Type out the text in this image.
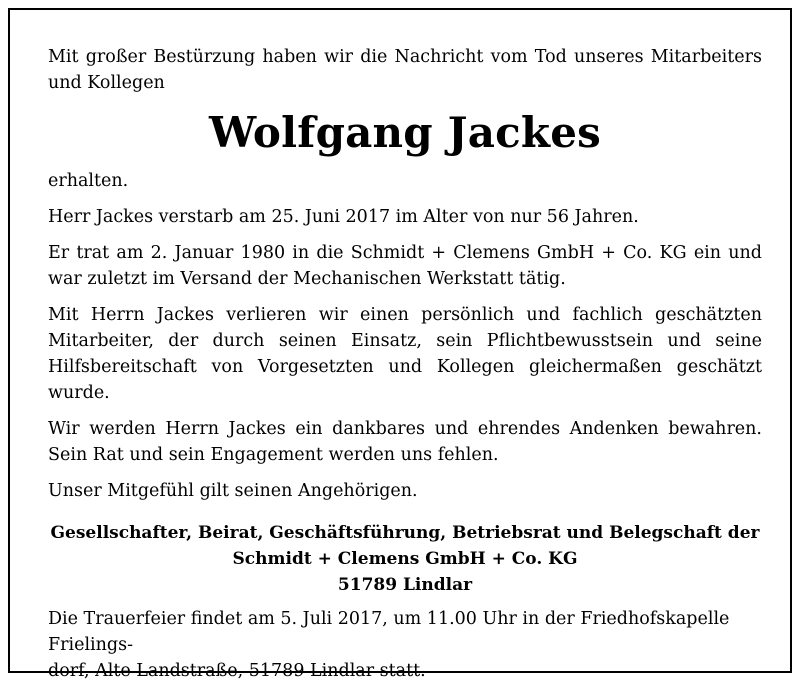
Mit großer Bestürzung haben wir die Nachricht vom Tod unseres Mitarbeiters und Kollegen

Wolfgang Jackes

erhalten.

Herr Jackes verstarb am 25. Juni 2017 im Alter von nur 56 Jahren.

Er trat am 2. Januar 1980 in die Schmidt + Clemens GmbH + Co. KG ein und war zuletzt im Versand der Mechanischen Werkstatt tätig.

Mit Herrn Jackes verlieren wir einen persönlich und fachlich geschätzten Mitarbeiter, der durch seinen Einsatz, sein Pflichtbewusstsein und seine Hilfsbereitschaft von Vorgesetzten und Kollegen gleichermaßen geschätzt wurde.

Wir werden Herrn Jackes ein dankbares und ehrendes Andenken bewahren. Sein Rat und sein Engagement werden uns fehlen.

Unser Mitgefühl gilt seinen Angehörigen.

Gesellschafter, Beirat, Geschäftsführung, Betriebsrat und Belegschaft der
Schmidt + Clemens GmbH + Co. KG
51789 Lindlar

Die Trauerfeier findet am 5. Juli 2017, um 11.00 Uhr in der Friedhofskapelle Frielings-
dorf, Alte Landstraße, 51789 Lindlar statt.
